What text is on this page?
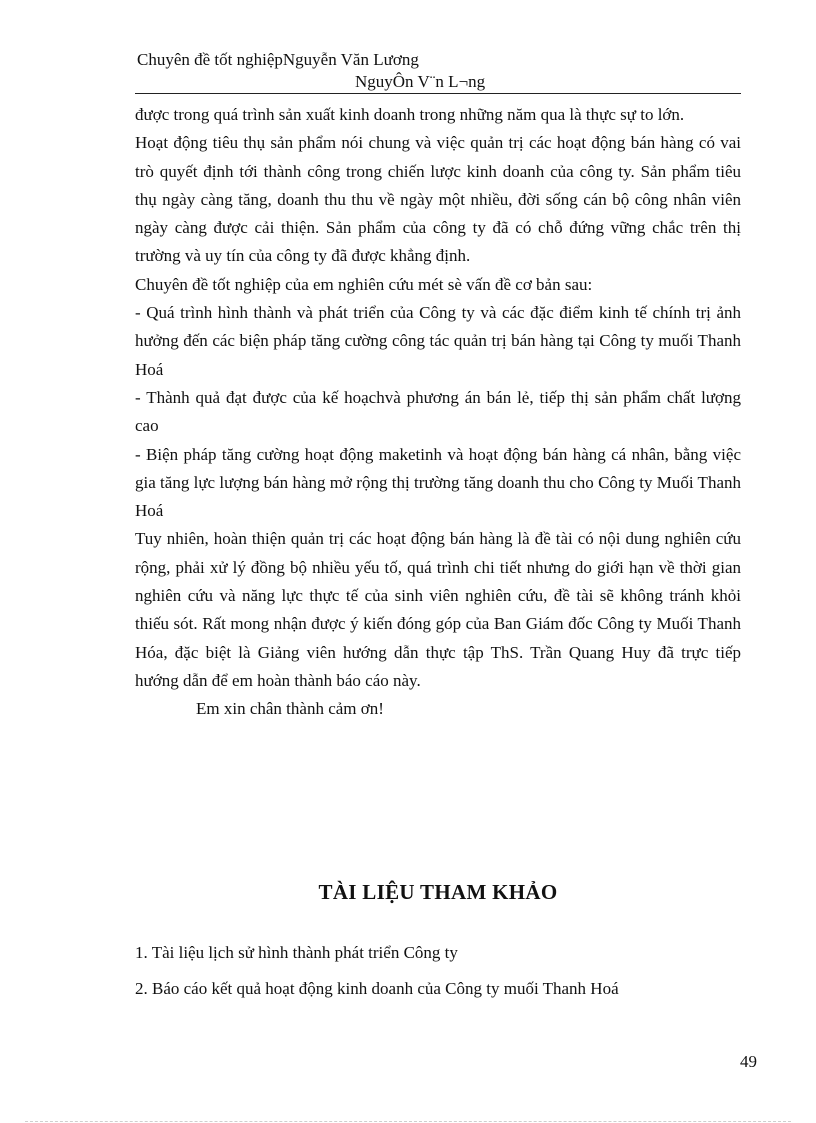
Chuyên đề tốt nghiệpNguyễn Văn Lương
NguyÔn V¨n L¬ng

được trong quá trình sản xuất kinh doanh trong những năm qua là thực sự to lớn.

Hoạt động tiêu thụ sản phẩm nói chung và việc quản trị các hoạt động bán hàng có vai trò quyết định tới thành công trong chiến lược kinh doanh của công ty. Sản phẩm tiêu thụ ngày càng tăng, doanh thu thu về ngày một nhiều, đời sống cán bộ công nhân viên ngày càng được cải thiện. Sản phẩm của công ty đã có chỗ đứng vững chắc trên thị trường và uy tín của công ty đã được khẳng định.

Chuyên đề tốt nghiệp của em nghiên cứu mét sè vấn đề cơ bản sau:

- Quá trình hình thành và phát triển của Công ty và các đặc điểm kinh tế chính trị ảnh hưởng đến các biện pháp tăng cường công tác quản trị bán hàng tại Công ty muối Thanh Hoá

- Thành quả đạt được của kế hoạchvà phương án bán lẻ, tiếp thị sản phẩm chất lượng cao

- Biện pháp tăng cường hoạt động maketinh và hoạt động bán hàng cá nhân, bằng việc gia tăng lực lượng bán hàng mở rộng thị trường tăng doanh thu cho Công ty Muối Thanh Hoá

Tuy nhiên, hoàn thiện quản trị các hoạt động bán hàng là đề tài có nội dung nghiên cứu rộng, phải xử lý đồng bộ nhiều yếu tố, quá trình chi tiết nhưng do giới hạn về thời gian nghiên cứu và năng lực thực tế của sinh viên nghiên cứu, đề tài sẽ không tránh khỏi thiếu sót. Rất mong nhận được ý kiến đóng góp của Ban Giám đốc Công ty Muối Thanh Hóa, đặc biệt là Giảng viên hướng dẫn thực tập ThS. Trần Quang Huy đã trực tiếp hướng dẫn để em hoàn thành báo cáo này.

Em xin chân thành cảm ơn!

TÀI LIỆU THAM KHẢO

1. Tài liệu lịch sử hình thành phát triển Công ty

2. Báo cáo kết quả hoạt động kinh doanh của Công ty muối Thanh Hoá

49
